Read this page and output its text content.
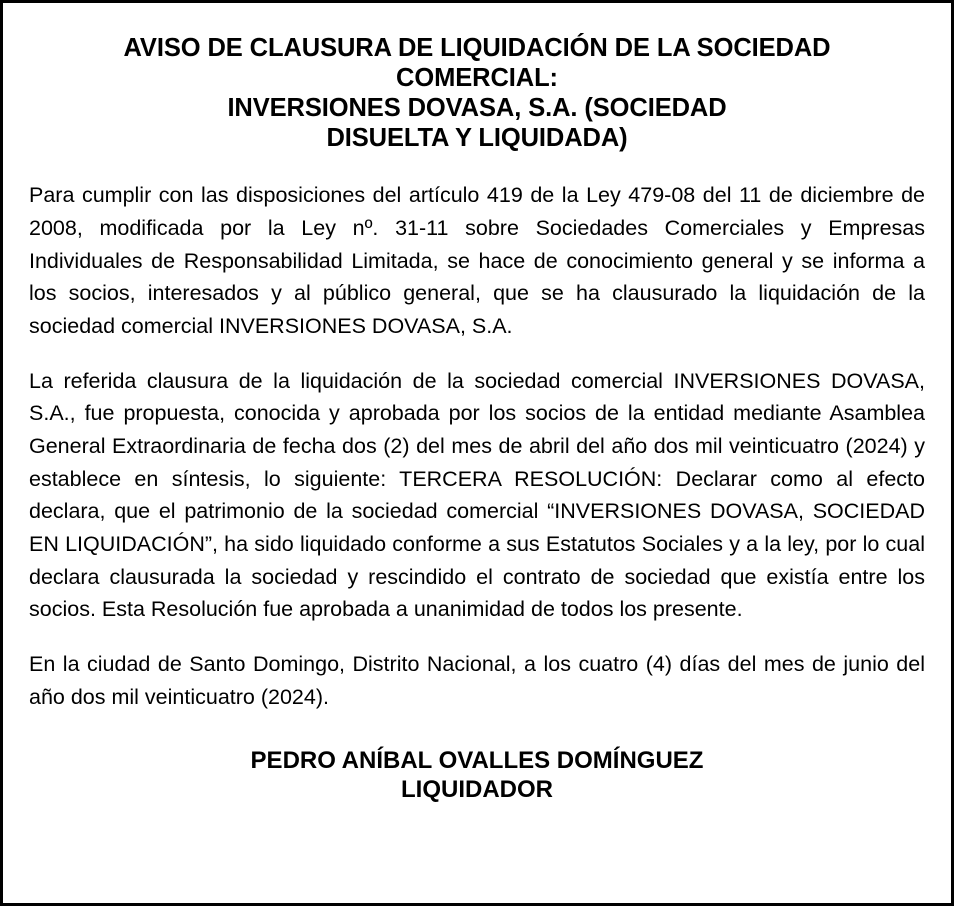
AVISO DE CLAUSURA DE LIQUIDACIÓN DE LA SOCIEDAD
COMERCIAL:
INVERSIONES DOVASA, S.A. (SOCIEDAD
DISUELTA Y LIQUIDADA)

Para cumplir con las disposiciones del artículo 419 de la Ley 479-08 del 11 de diciembre de 2008, modificada por la Ley nº. 31-11 sobre Sociedades Comerciales y Empresas Individuales de Responsabilidad Limitada, se hace de conocimiento general y se informa a los socios, interesados y al público general, que se ha clausurado la liquidación de la sociedad comercial INVERSIONES DOVASA, S.A.

La referida clausura de la liquidación de la sociedad comercial INVERSIONES DOVASA, S.A., fue propuesta, conocida y aprobada por los socios de la entidad mediante Asamblea General Extraordinaria de fecha dos (2) del mes de abril del año dos mil veinticuatro (2024) y establece en síntesis, lo siguiente: TERCERA RESOLUCIÓN: Declarar como al efecto declara, que el patrimonio de la sociedad comercial “INVERSIONES DOVASA, SOCIEDAD EN LIQUIDACIÓN”, ha sido liquidado conforme a sus Estatutos Sociales y a la ley, por lo cual declara clausurada la sociedad y rescindido el contrato de sociedad que existía entre los socios. Esta Resolución fue aprobada a unanimidad de todos los presente.

En la ciudad de Santo Domingo, Distrito Nacional, a los cuatro (4) días del mes de junio del año dos mil veinticuatro (2024).

PEDRO ANÍBAL OVALLES DOMÍNGUEZ
LIQUIDADOR
